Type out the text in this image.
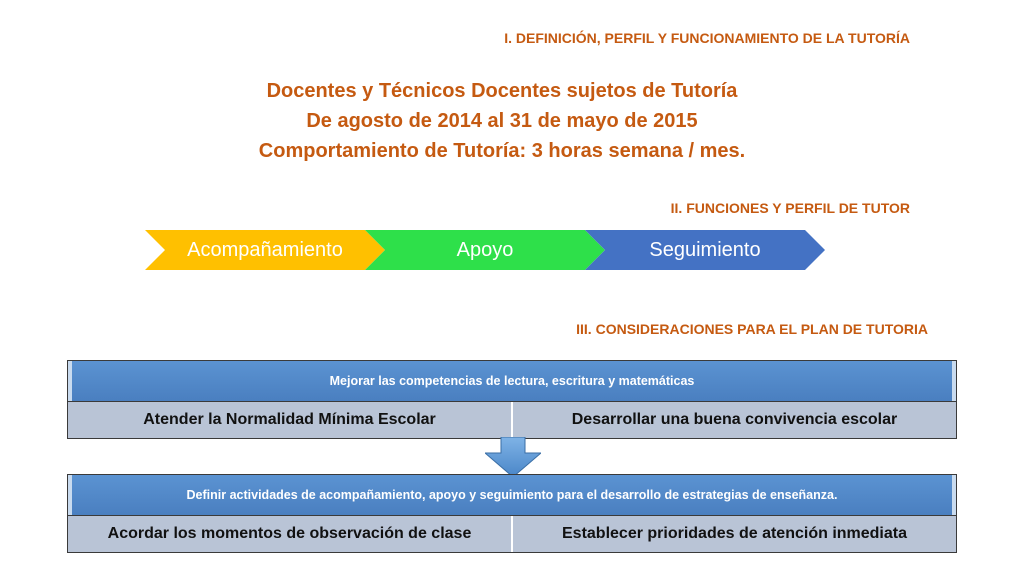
I. DEFINICIÓN, PERFIL Y FUNCIONAMIENTO DE LA TUTORÍA
Docentes y Técnicos Docentes sujetos de Tutoría
De agosto de 2014 al 31 de mayo de 2015
Comportamiento de Tutoría: 3 horas semana / mes.
II. FUNCIONES Y PERFIL DE TUTOR
Acompañamiento	Apoyo	Seguimiento
III. CONSIDERACIONES PARA EL PLAN DE TUTORIA
Mejorar las competencias de lectura, escritura y matemáticas
Atender la Normalidad Mínima Escolar	Desarrollar una buena convivencia escolar
Definir actividades de acompañamiento, apoyo y seguimiento para el desarrollo de estrategias de enseñanza.
Acordar los momentos de observación de clase	Establecer prioridades de atención inmediata
